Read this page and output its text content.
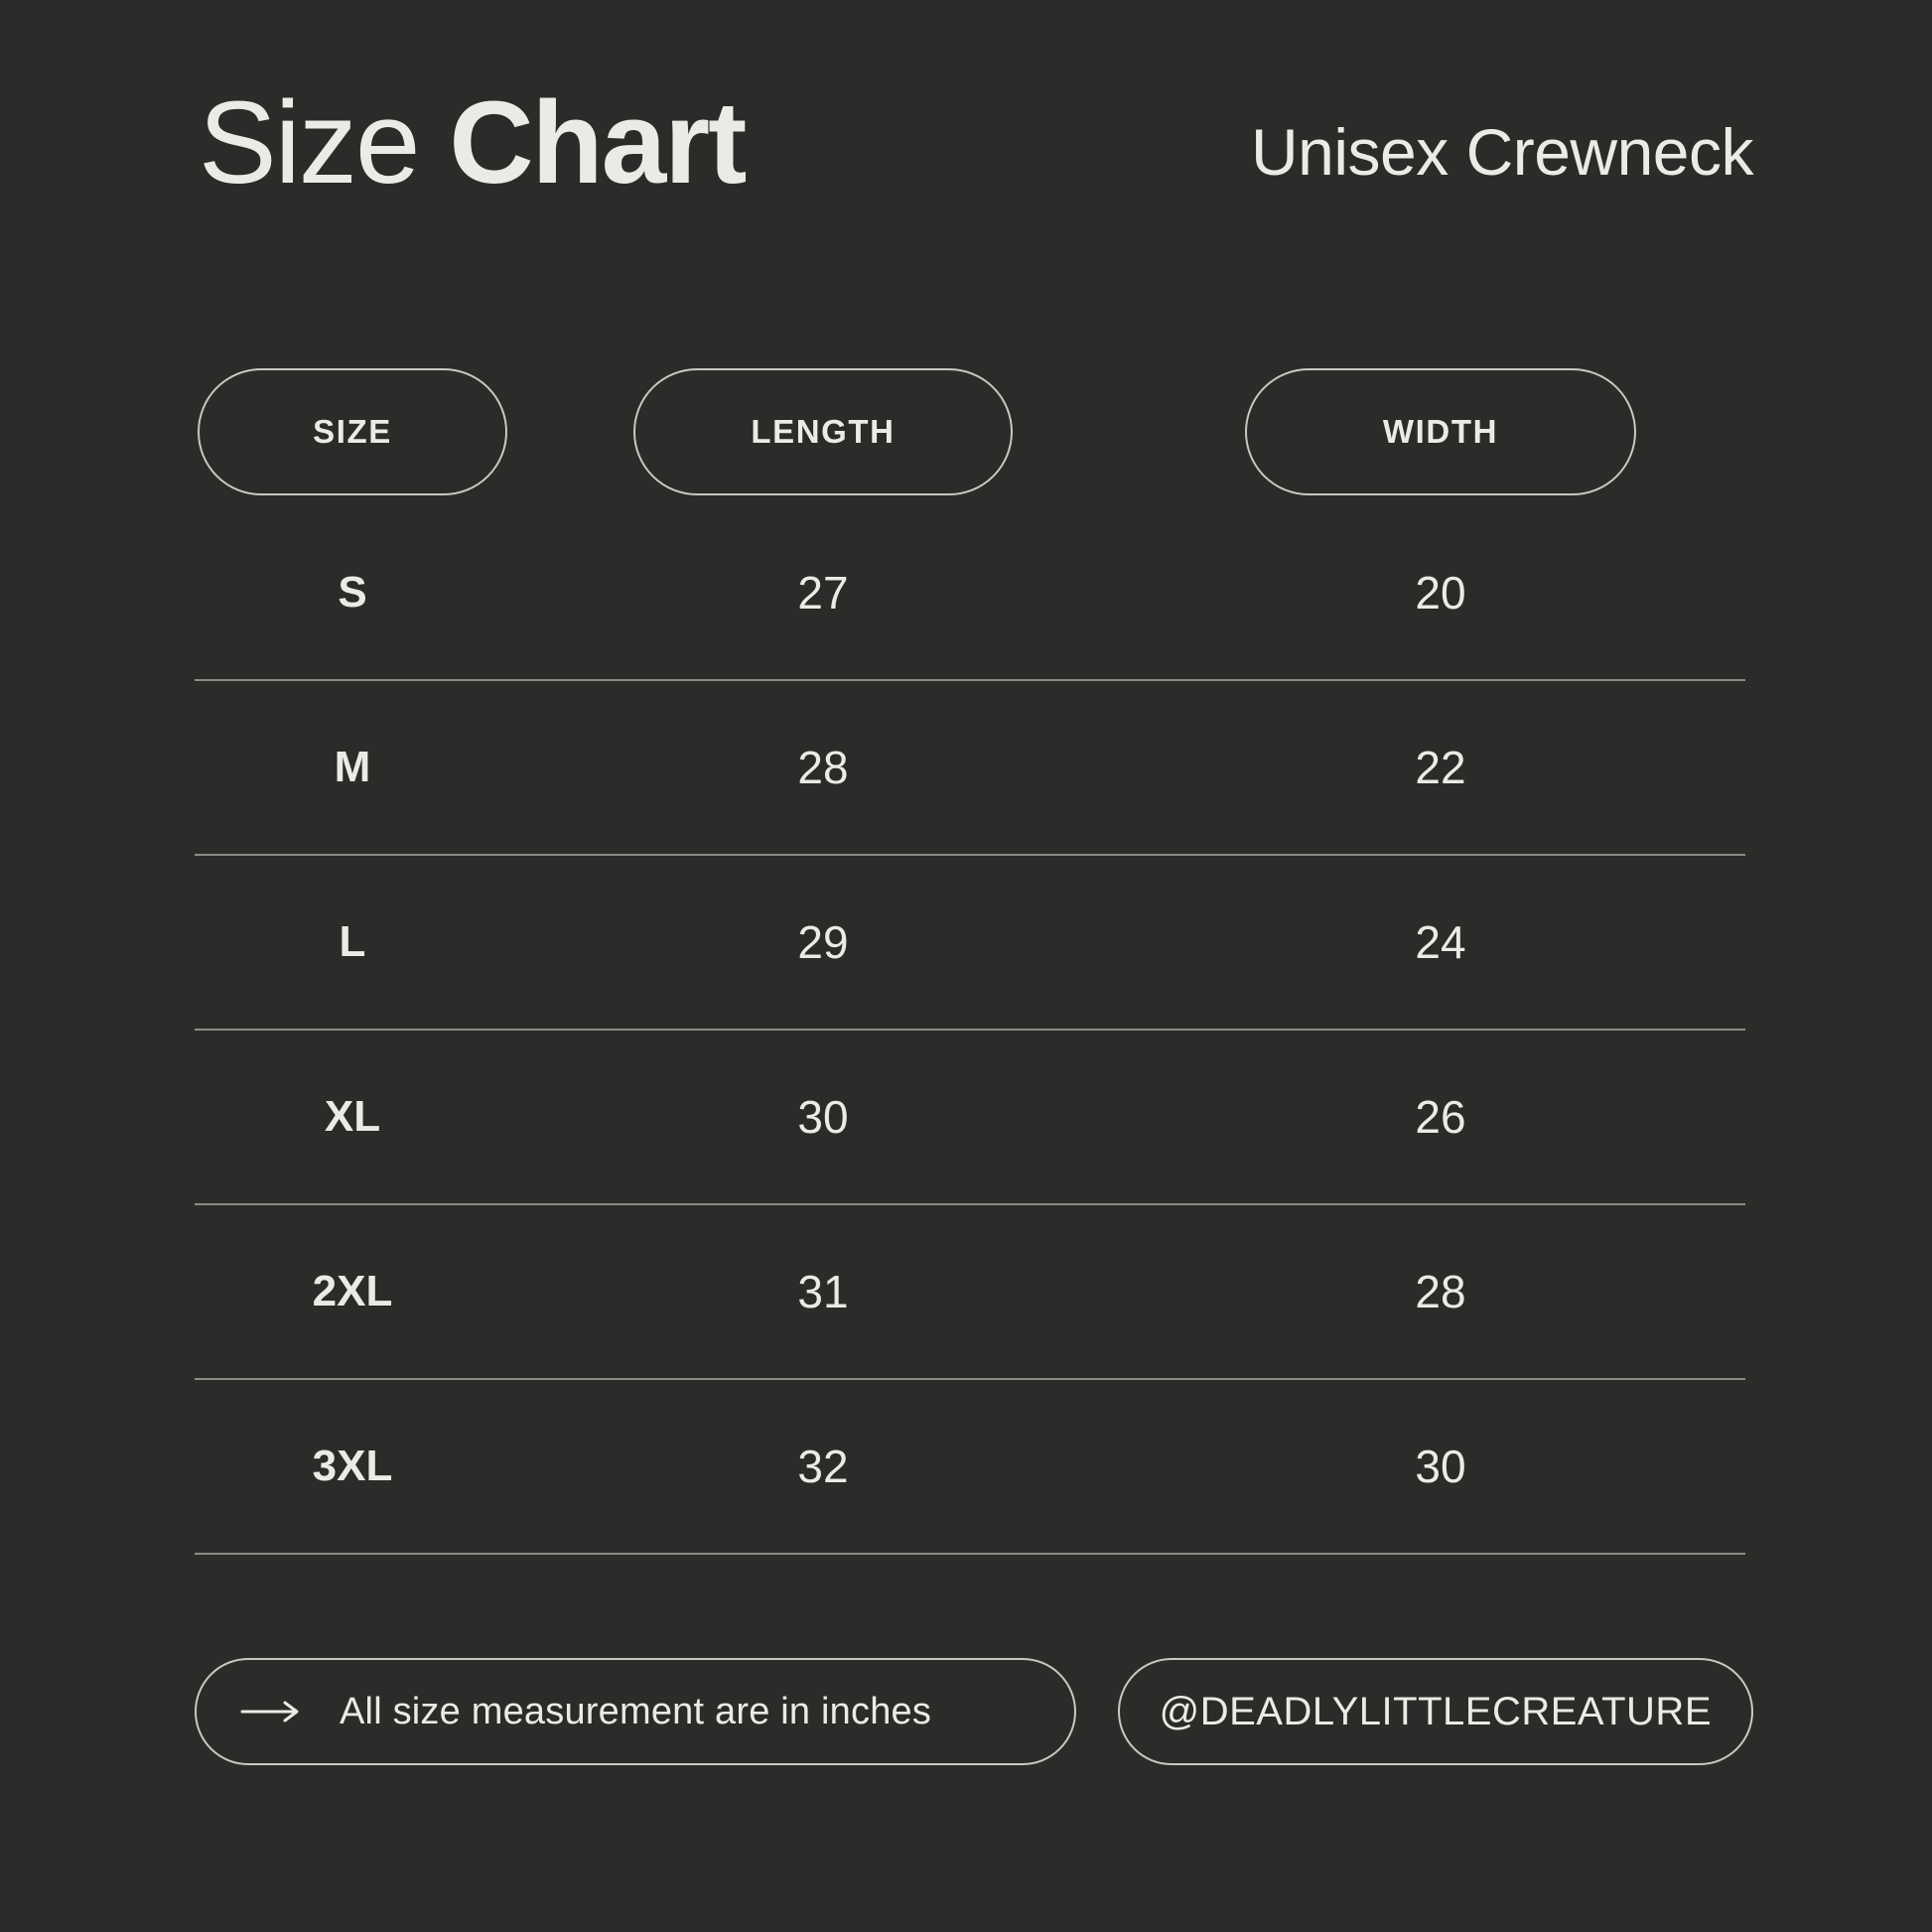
Size Chart	Unisex Crewneck
SIZE	LENGTH	WIDTH
S	27	20
M	28	22
L	29	24
XL	30	26
2XL	31	28
3XL	32	30
All size measurement are in inches	@DEADLYLITTLECREATURE
